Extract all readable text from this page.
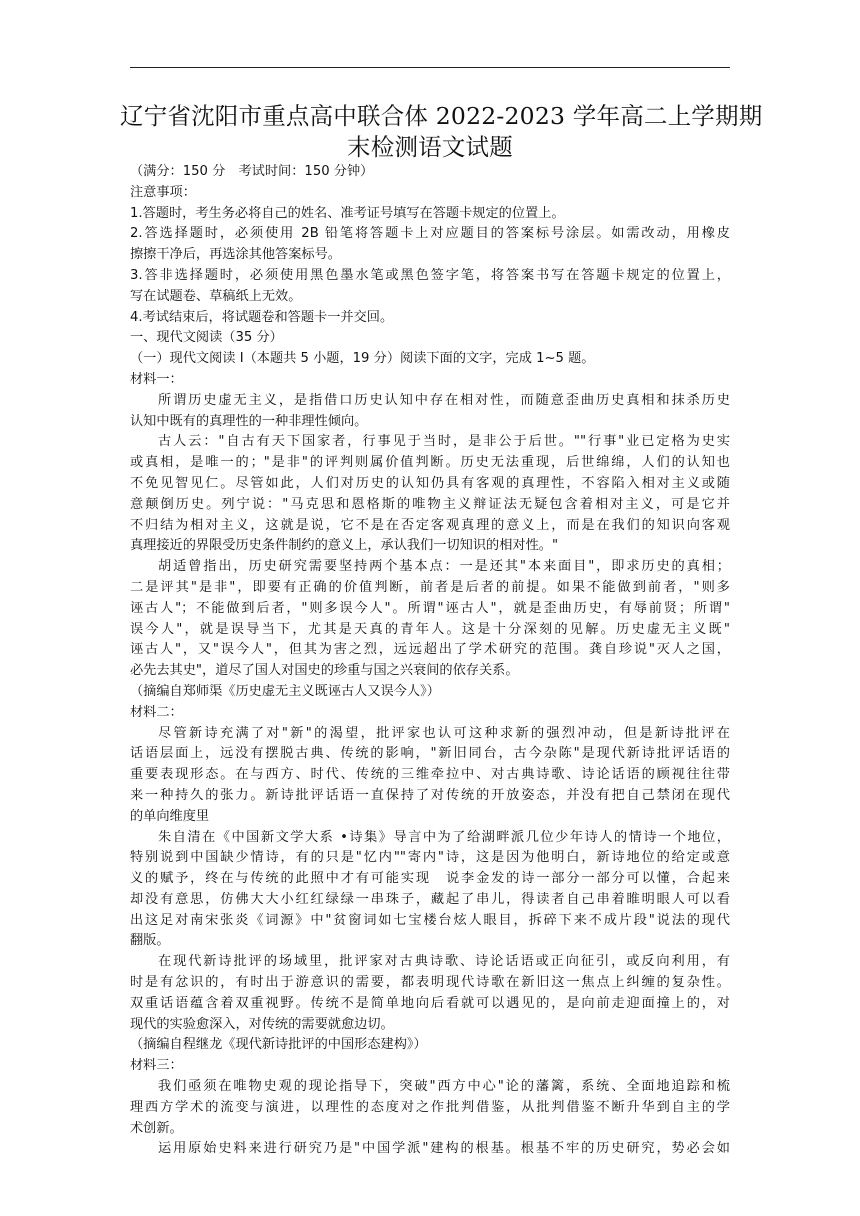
辽宁省沈阳市重点高中联合体 2022-2023 学年高二上学期期
末检测语文试题
（满分：150 分　考试时间：150 分钟）
注意事项：
1.答题时，考生务必将自己的姓名、准考证号填写在答题卡规定的位置上。
2.答选择题时，必须使用 2B 铅笔将答题卡上对应题目的答案标号涂层。如需改动，用橡皮
擦擦干净后，再选涂其他答案标号。
3.答非选择题时，必须使用黑色墨水笔或黑色签字笔，将答案书写在答题卡规定的位置上，
写在试题卷、草稿纸上无效。
4.考试结束后，将试题卷和答题卡一并交回。
一、现代文阅读（35 分）
（一）现代文阅读 I（本题共 5 小题，19 分）阅读下面的文字，完成 1~5 题。
材料一：
所谓历史虚无主义，是指借口历史认知中存在相对性，而随意歪曲历史真相和抹杀历史
认知中既有的真理性的一种非理性倾向。
古人云："自古有天下国家者，行事见于当时，是非公于后世。""行事"业已定格为史实
或真相，是唯一的；"是非"的评判则属价值判断。历史无法重现，后世绵绵，人们的认知也
不免见智见仁。尽管如此，人们对历史的认知仍具有客观的真理性，不容陷入相对主义或随
意颠倒历史。列宁说："马克思和恩格斯的唯物主义辩证法无疑包含着相对主义，可是它并
不归结为相对主义，这就是说，它不是在否定客观真理的意义上，而是在我们的知识向客观
真理接近的界限受历史条件制约的意义上，承认我们一切知识的相对性。"
胡适曾指出，历史研究需要坚持两个基本点：一是还其"本来面目"，即求历史的真相；
二是评其"是非"，即要有正确的价值判断，前者是后者的前提。如果不能做到前者，"则多
诬古人"；不能做到后者，"则多误今人"。所谓"诬古人"，就是歪曲历史，有辱前贤；所谓"
误今人"，就是误导当下，尤其是天真的青年人。这是十分深刻的见解。历史虚无主义既"
诬古人"，又"误今人"，但其为害之烈，远远超出了学术研究的范围。龚自珍说"灭人之国，
必先去其史"，道尽了国人对国史的珍重与国之兴衰间的依存关系。
（摘编自郑师渠《历史虚无主义既诬古人又误今人》）
材料二：
尽管新诗充满了对"新"的渴望，批评家也认可这种求新的强烈冲动，但是新诗批评在
话语层面上，远没有摆脱古典、传统的影响，"新旧同台，古今杂陈"是现代新诗批评话语的
重要表现形态。在与西方、时代、传统的三维牵拉中、对古典诗歌、诗论话语的顾视往往带
来一种持久的张力。新诗批评话语一直保持了对传统的开放姿态，并没有把自己禁闭在现代
的单向维度里
朱自清在《中国新文学大系 •诗集》导言中为了给湖畔派几位少年诗人的情诗一个地位，
特别说到中国缺少情诗，有的只是"忆内""寄内"诗，这是因为他明白，新诗地位的给定或意
义的赋予，终在与传统的此照中才有可能实现　说李金发的诗一部分一部分可以懂，合起来
却没有意思，仿佛大大小红红绿绿一串珠子，藏起了串儿，得读者自己串着睢明眼人可以看
出这足对南宋张炎《词源》中"贫窗词如七宝楼台炫人眼目，拆碎下来不成片段"说法的现代
翻版。
在现代新诗批评的场域里，批评家对古典诗歌、诗论话语或正向征引，或反向利用，有
时是有忿识的，有时出于游意识的需要，都表明现代诗歌在新旧这一焦点上纠缠的复杂性。
双重话语蕴含着双重视野。传统不是简单地向后看就可以遇见的，是向前走迎面撞上的，对
现代的实验愈深入，对传统的需要就愈边切。
（摘编自程继龙《现代新诗批评的中国形态建构》）
材料三：
我们亟须在唯物史观的现论指导下，突破"西方中心"论的藩篱，系统、全面地追踪和梳
理西方学术的流变与演进，以理性的态度对之作批判借鉴，从批判借鉴不断升华到自主的学
术创新。
运用原始史料来进行研究乃是"中国学派"建构的根基。根基不牢的历史研究，势必会如
